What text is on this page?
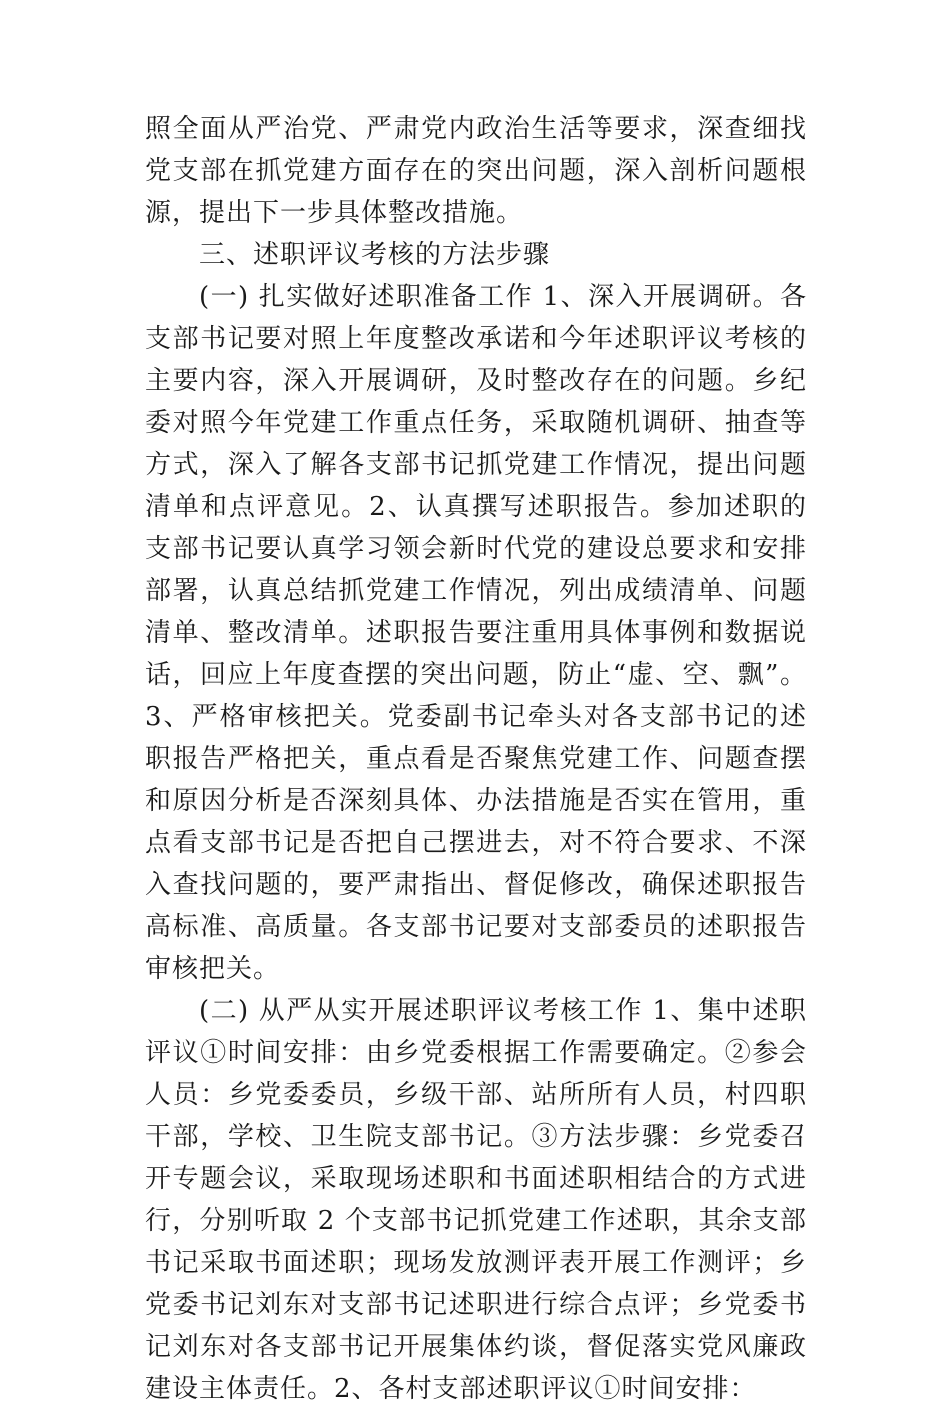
照全面从严治党、严肃党内政治生活等要求，深查细找党支部在抓党建方面存在的突出问题，深入剖析问题根源，提出下一步具体整改措施。

三、述职评议考核的方法步骤

(一) 扎实做好述职准备工作 1、深入开展调研。各支部书记要对照上年度整改承诺和今年述职评议考核的主要内容，深入开展调研，及时整改存在的问题。乡纪委对照今年党建工作重点任务，采取随机调研、抽查等方式，深入了解各支部书记抓党建工作情况，提出问题清单和点评意见。2、认真撰写述职报告。参加述职的支部书记要认真学习领会新时代党的建设总要求和安排部署，认真总结抓党建工作情况，列出成绩清单、问题清单、整改清单。述职报告要注重用具体事例和数据说话，回应上年度查摆的突出问题，防止“虚、空、飘”。3、严格审核把关。党委副书记牵头对各支部书记的述职报告严格把关，重点看是否聚焦党建工作、问题查摆和原因分析是否深刻具体、办法措施是否实在管用，重点看支部书记是否把自己摆进去，对不符合要求、不深入查找问题的，要严肃指出、督促修改，确保述职报告高标准、高质量。各支部书记要对支部委员的述职报告审核把关。

(二) 从严从实开展述职评议考核工作 1、集中述职评议①时间安排：由乡党委根据工作需要确定。②参会人员：乡党委委员，乡级干部、站所所有人员，村四职干部，学校、卫生院支部书记。③方法步骤：乡党委召开专题会议，采取现场述职和书面述职相结合的方式进行，分别听取 2 个支部书记抓党建工作述职，其余支部书记采取书面述职；现场发放测评表开展工作测评；乡党委书记刘东对支部书记述职进行综合点评；乡党委书记刘东对各支部书记开展集体约谈，督促落实党风廉政建设主体责任。2、各村支部述职评议①时间安排：
